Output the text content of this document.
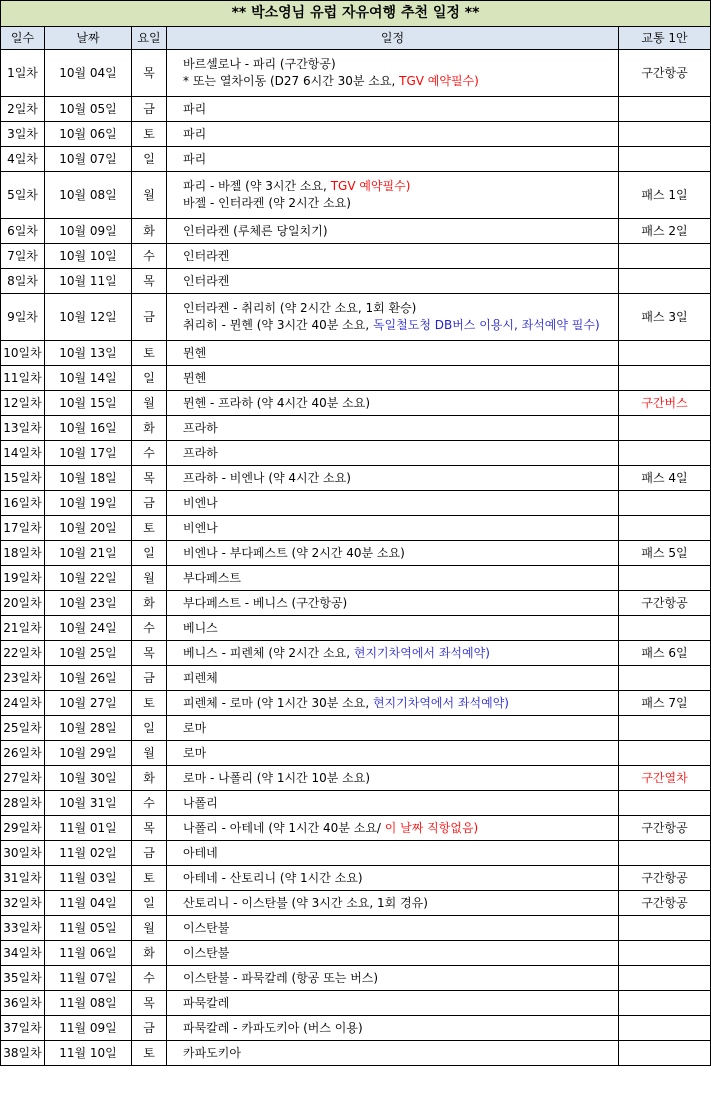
** 박소영님 유럽 자유여행 추천 일정 **				
일수	날짜	요일	일정	교통 1안
1일차	10월 04일	목	바르셀로나 - 파리 (구간항공)
* 또는 열차이동 (D27 6시간 30분 소요, TGV 예약필수)	구간항공
2일차	10월 05일	금	파리	

3일차	10월 06일	토	파리	

4일차	10월 07일	일	파리	

5일차	10월 08일	월	파리 - 바젤 (약 3시간 소요, TGV 예약필수)
바젤 - 인터라켄 (약 2시간 소요)	패스 1일
6일차	10월 09일	화	인터라켄 (루체른 당일치기)	패스 2일
7일차	10월 10일	수	인터라켄	

8일차	10월 11일	목	인터라켄	

9일차	10월 12일	금	인터라켄 - 취리히 (약 2시간 소요, 1회 환승)
취리히 - 뮌헨 (약 3시간 40분 소요, 독일철도청 DB버스 이용시, 좌석예약 필수)	패스 3일
10일차	10월 13일	토	뮌헨	

11일차	10월 14일	일	뮌헨	

12일차	10월 15일	월	뮌헨 - 프라하 (약 4시간 40분 소요)	구간버스
13일차	10월 16일	화	프라하	

14일차	10월 17일	수	프라하	

15일차	10월 18일	목	프라하 - 비엔나 (약 4시간 소요)	패스 4일
16일차	10월 19일	금	비엔나	

17일차	10월 20일	토	비엔나	

18일차	10월 21일	일	비엔나 - 부다페스트 (약 2시간 40분 소요)	패스 5일
19일차	10월 22일	월	부다페스트	

20일차	10월 23일	화	부다페스트 - 베니스 (구간항공)	구간항공
21일차	10월 24일	수	베니스	

22일차	10월 25일	목	베니스 - 피렌체 (약 2시간 소요, 현지기차역에서 좌석예약)	패스 6일
23일차	10월 26일	금	피렌체	

24일차	10월 27일	토	피렌체 - 로마 (약 1시간 30분 소요, 현지기차역에서 좌석예약)	패스 7일
25일차	10월 28일	일	로마	

26일차	10월 29일	월	로마	

27일차	10월 30일	화	로마 - 나폴리 (약 1시간 10분 소요)	구간열차
28일차	10월 31일	수	나폴리	

29일차	11월 01일	목	나폴리 - 아테네 (약 1시간 40분 소요/ 이 날짜 직항없음)	구간항공
30일차	11월 02일	금	아테네	

31일차	11월 03일	토	아테네 - 산토리니 (약 1시간 소요)	구간항공
32일차	11월 04일	일	산토리니 - 이스탄불 (약 3시간 소요, 1회 경유)	구간항공
33일차	11월 05일	월	이스탄불	

34일차	11월 06일	화	이스탄불	

35일차	11월 07일	수	이스탄불 - 파묵칼레 (항공 또는 버스)	

36일차	11월 08일	목	파묵칼레	

37일차	11월 09일	금	파묵칼레 - 카파도키아 (버스 이용)	

38일차	11월 10일	토	카파도키아	
